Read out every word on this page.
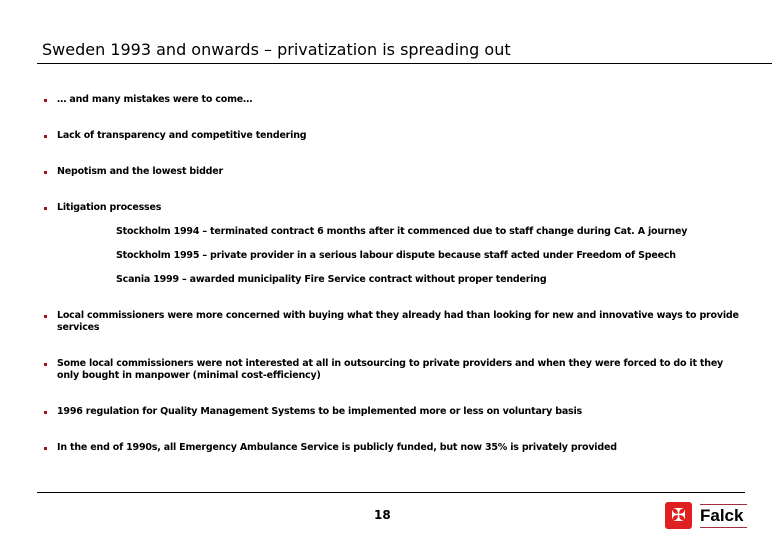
Sweden 1993 and onwards – privatization is spreading out
… and many mistakes were to come…
Lack of transparency and competitive tendering
Nepotism and the lowest bidder
Litigation processes
Stockholm 1994 – terminated contract 6 months after it commenced due to staff change during Cat. A journey
Stockholm 1995 – private provider in a serious labour dispute because staff acted under Freedom of Speech
Scania 1999 – awarded municipality Fire Service contract without proper tendering
Local commissioners were more concerned with buying what they already had than looking for new and innovative ways to provide services
Some local commissioners were not interested at all in outsourcing to private providers and when they were forced to do it they only bought in manpower (minimal cost-efficiency)
1996 regulation for Quality Management Systems to be implemented more or less on voluntary basis
In the end of 1990s, all Emergency Ambulance Service is publicly funded, but now 35% is privately provided
18	✠ Falck
